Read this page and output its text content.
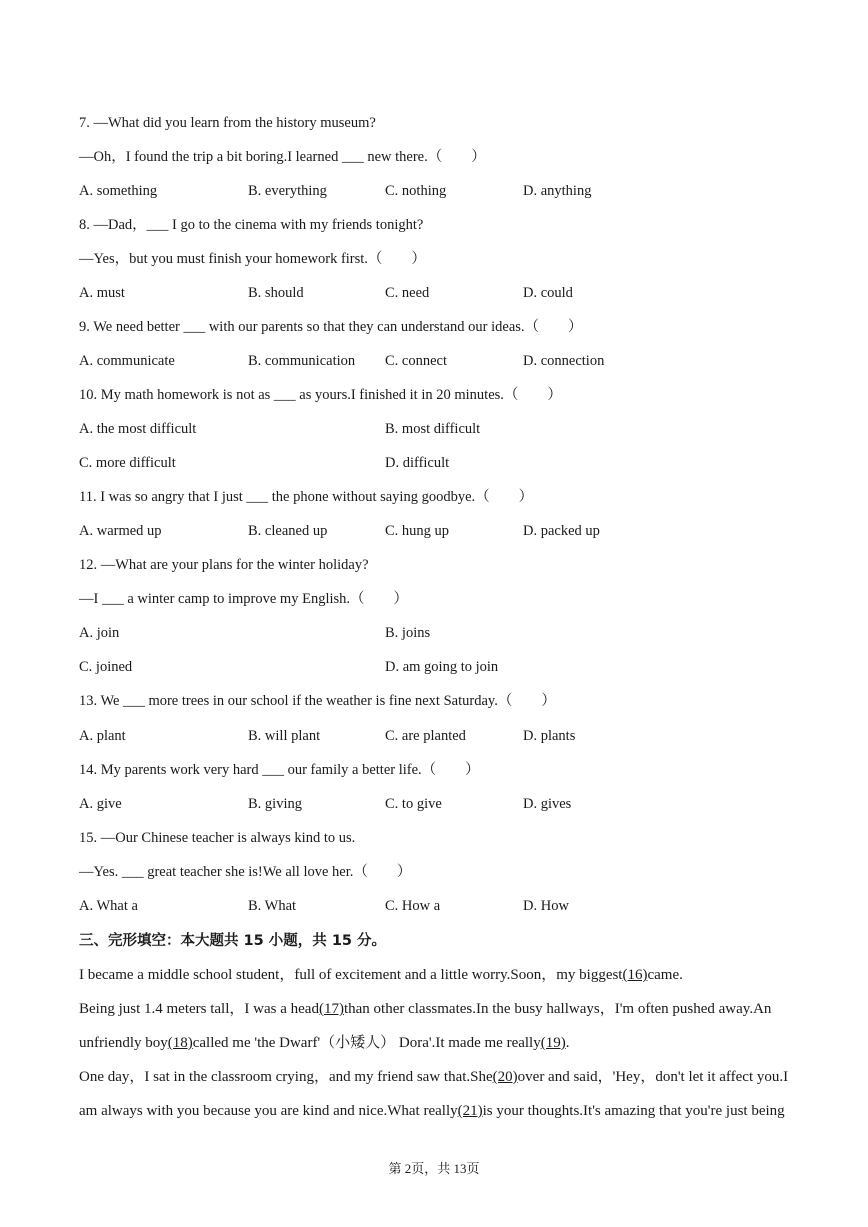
7. —What did you learn from the history museum?
—Oh，I found the trip a bit boring.I learned ___ new there.（　　）
A. something	B. everything	C. nothing	D. anything
8. —Dad，___ I go to the cinema with my friends tonight?
—Yes，but you must finish your homework first.（　　）
A. must	B. should	C. need	D. could
9. We need better ___ with our parents so that they can understand our ideas.（　　）
A. communicate	B. communication C. connect	D. connection
10. My math homework is not as ___ as yours.I finished it in 20 minutes.（　　）
A. the most difficult	B. most difficult
C. more difficult	D. difficult
11. I was so angry that I just ___ the phone without saying goodbye.（　　）
A. warmed up	B. cleaned up	C. hung up	D. packed up
12. —What are your plans for the winter holiday?
—I ___ a winter camp to improve my English.（　　）
A. join	B. joins
C. joined	D. am going to join
13. We ___ more trees in our school if the weather is fine next Saturday.（　　）
A. plant	B. will plant	C. are planted	D. plants
14. My parents work very hard ___ our family a better life.（　　）
A. give	B. giving	C. to give	D. gives
15. —Our Chinese teacher is always kind to us.
—Yes. ___ great teacher she is!We all love her.（　　）
A. What a	B. What	C. How a	D. How
三、完形填空：本大题共 15 小题，共 15 分。
I became a middle school student，full of excitement and a little worry.Soon，my biggest(16)came.
Being just 1.4 meters tall，I was a head(17)than other classmates.In the busy hallways，I'm often pushed away.An
unfriendly boy(18)called me 'the Dwarf'（小矮人） Dora'.It made me really(19).
One day，I sat in the classroom crying，and my friend saw that.She(20)over and said，'Hey，don't let it affect you.I
am always with you because you are kind and nice.What really(21)is your thoughts.It's amazing that you're just being
第 2页，共 13页
